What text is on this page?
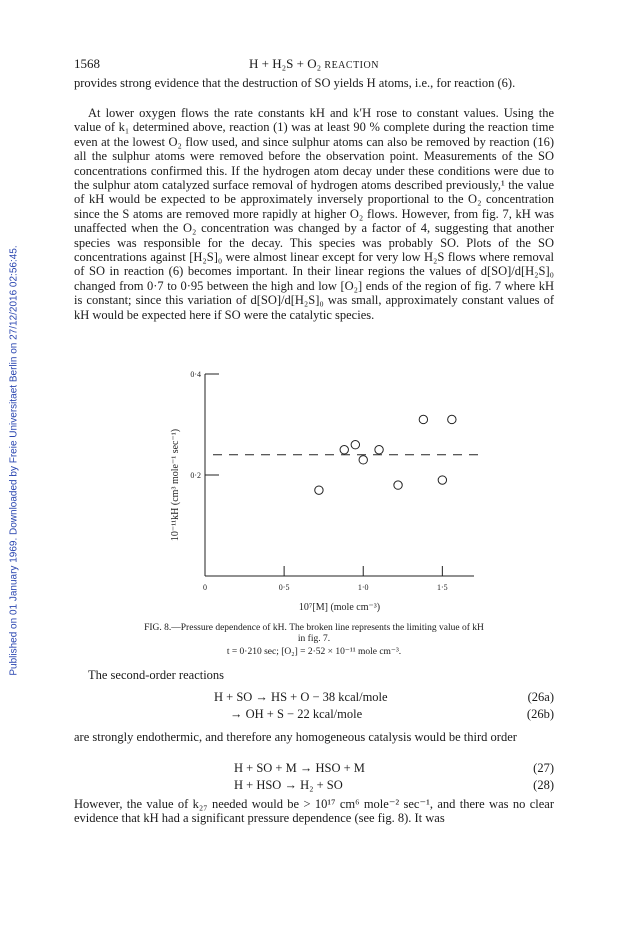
Published on 01 January 1969. Downloaded by Freie Universitaet Berlin on 27/12/2016 02:56:45.
1568	H + H₂S + O₂ REACTION

provides strong evidence that the destruction of SO yields H atoms, i.e., for reaction (6).

At lower oxygen flows the rate constants kΗ and k′Η rose to constant values. Using the value of k₁ determined above, reaction (1) was at least 90 % complete during the reaction time even at the lowest O₂ flow used, and since sulphur atoms can also be removed by reaction (16) all the sulphur atoms were removed before the observation point. Measurements of the SO concentrations confirmed this. If the hydrogen atom decay under these conditions were due to the sulphur atom catalyzed surface removal of hydrogen atoms described previously,¹ the value of kΗ would be expected to be approximately inversely proportional to the O₂ concentration since the S atoms are removed more rapidly at higher O₂ flows. However, from fig. 7, kΗ was unaffected when the O₂ concentration was changed by a factor of 4, suggesting that another species was responsible for the decay. This species was probably SO. Plots of the SO concentrations against [H₂S]₀ were almost linear except for very low H₂S flows where removal of SO in reaction (6) becomes important. In their linear regions the values of d[SO]/d[H₂S]₀ changed from 0·7 to 0·95 between the high and low [O₂] ends of the region of fig. 7 where kΗ is constant; since this variation of d[SO]/d[H₂S]₀ was small, approximately constant values of kΗ would be expected here if SO were the catalytic species.

0·2
0·4
0	0·5	1·0	1·5
10⁷[M] (mole cm⁻³)
10⁻¹¹kΗ (cm³ mole⁻¹ sec⁻¹)
FIG. 8.—Pressure dependence of kΗ. The broken line represents the limiting value of kΗ
in fig. 7.
t = 0·210 sec; [O₂] = 2·52 × 10⁻¹¹ mole cm⁻³.
The second-order reactions
H + SO → HS + O − 38 kcal/mole	(26a)
→ OH + S − 22 kcal/mole	(26b)

are strongly endothermic, and therefore any homogeneous catalysis would be third order

H + SO + M → HSO + M	(27)
H + HSO → H₂ + SO	(28)

However, the value of k₂₇ needed would be > 10¹⁷ cm⁶ mole⁻² sec⁻¹, and there was no clear evidence that kΗ had a significant pressure dependence (see fig. 8). It was
